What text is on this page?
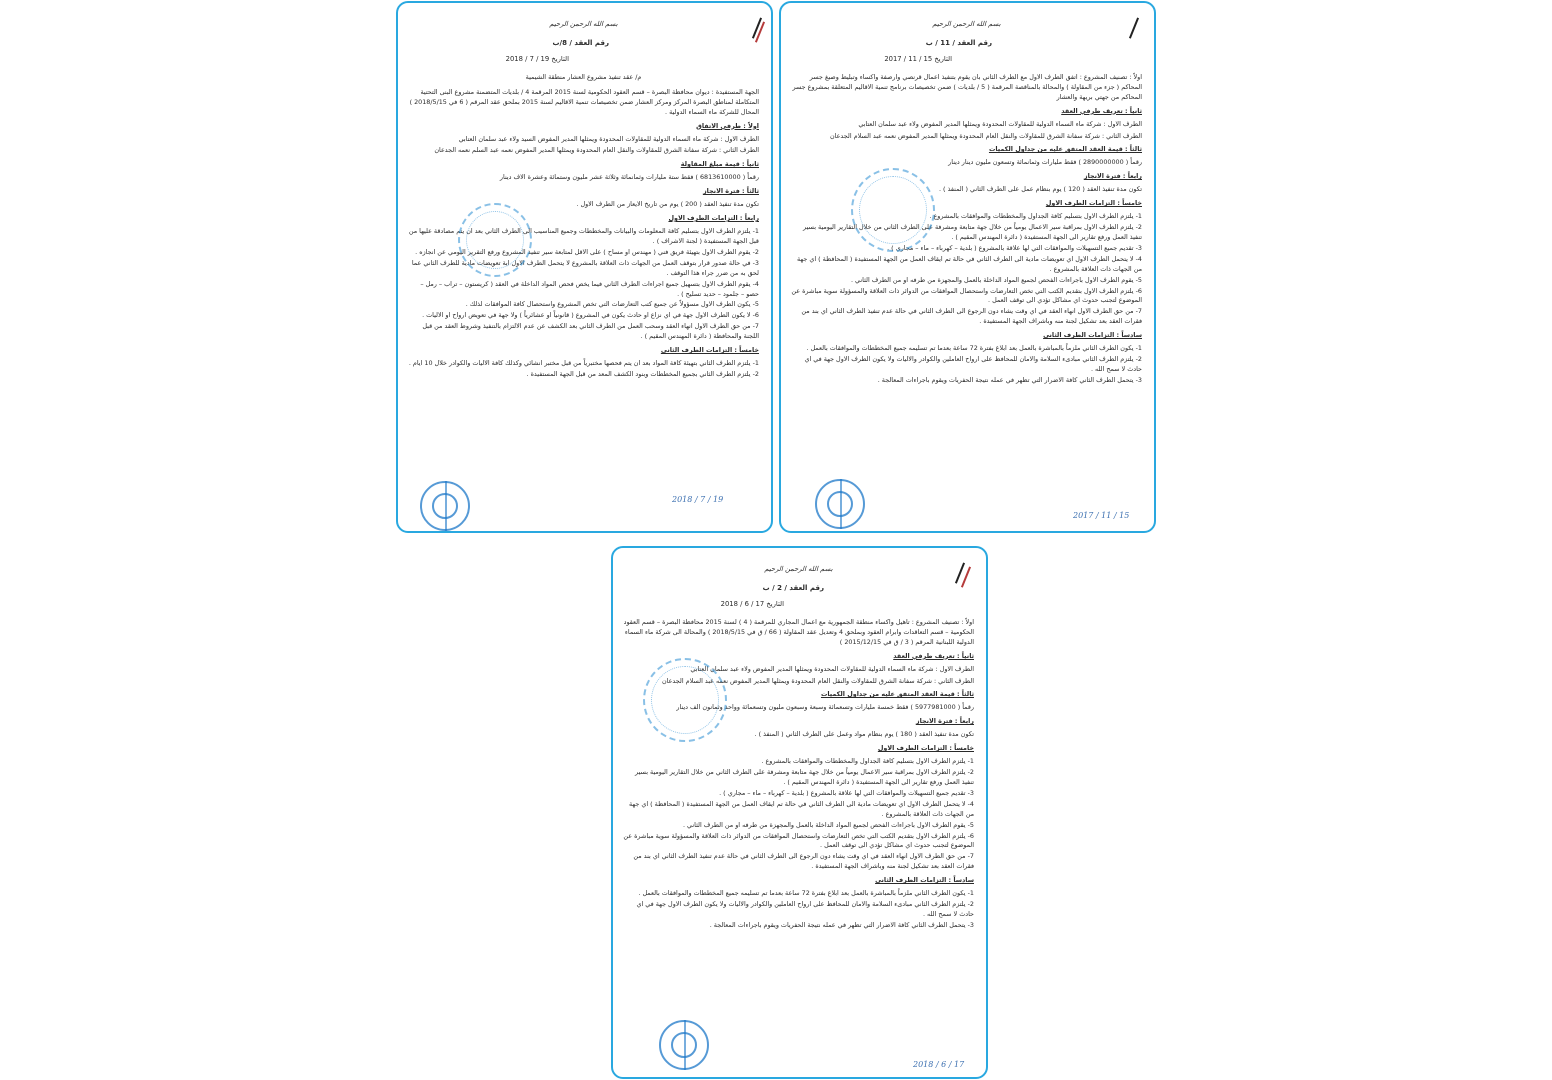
بسم الله الرحمن الرحيم
رقم العقد / 8/ب
التاريخ 19 / 7 / 2018
م/ عقد تنفيذ مشروع العشار منطقة الشيمية
الجهة المستفيدة : ديوان محافظة البصرة – قسم العقود الحكومية لسنة 2015 المرقمة 4 / بلديات المتضمنة مشروع البنى التحتية المتكاملة لمناطق البصرة المركز ومركز العشار ضمن تخصيصات تنمية الاقاليم لسنة 2015 بملحق عقد المرقم ( 6 في 2018/5/15 ) المحال للشركة ماء السماء الدولية .
اولاً : طرفي الاتفاق
الطرف الاول : شركة ماء السماء الدولية للمقاولات المحدودة ويمثلها المدير المفوض السيد ولاء عبد سلمان العتابي
الطرف الثاني : شركة سفانة الشرق للمقاولات والنقل العام المحدودة ويمثلها المدير المفوض نعمه عبد السلم نعمه الجدعان
ثانياً : قيمة مبلغ المقاولة
رقماً ( 6813610000 ) فقط ستة مليارات وثمانمائة وثلاثة عشر مليون وستمائة وعشرة الاف دينار
ثالثاً : فترة الانجاز
تكون مدة تنفيذ العقد ( 200 ) يوم من تاريخ الايعاز من الطرف الاول .
رابعاً : التزامات الطرف الاول
1- يلتزم الطرف الاول بتسليم كافة المعلومات والبيانات والمخططات وجميع المناسيب الى الطرف الثاني بعد ان يتم مصادقة عليها من قبل الجهة المستفيدة ( لجنة الاشراف ) .
2- يقوم الطرف الاول بتهيئة فريق فني ( مهندس او مساح ) على الاقل لمتابعة سير تنفيذ المشروع ورفع التقرير اليومي عن انجازه .
3- في حالة صدور قرار بتوقف العمل من الجهات ذات العلاقة بالمشروع لا يتحمل الطرف الاول اية تعويضات مادية للطرف الثاني عما لحق به من ضرر جراء هذا التوقف .
4- يقوم الطرف الاول بتسهيل جميع اجراءات الطرف الثاني فيما يخص فحص المواد الداخلة في العقد ( كريستون – تراب – رمل – حصو – جلمود – حديد تسليح ) .
5- يكون الطرف الاول مسؤولاً عن جميع كتب التعارضات التي تخص المشروع واستحصال كافة الموافقات لذلك .
6- لا يكون الطرف الاول جهة في اي نزاع او حادث يكون في المشروع ( قانونياً او عشائرياً ) ولا جهة في تعويض ارواح او الاليات .
7- من حق الطرف الاول انهاء العقد وسحب العمل من الطرف الثاني بعد الكشف عن عدم الالتزام بالتنفيذ وشروط العقد من قبل اللجنة والمحافظة ( دائرة المهندس المقيم ) .
خامساً : التزامات الطرف الثاني
1- يلتزم الطرف الثاني بتهيئة كافة المواد بعد ان يتم فحصها مختبرياً من قبل مختبر انشائي وكذلك كافة الاليات والكوادر خلال 10 ايام .
2- يلتزم الطرف الثاني بجميع المخططات وبنود الكشف المعد من قبل الجهة المستفيدة .
2018 / 7 / 19
بسم الله الرحمن الرحيم
رقم العقد / 11 / ب
التاريخ 15 / 11 / 2017
اولاً : تصنيف المشروع : اتفق الطرف الاول مع الطرف الثاني بان يقوم بتنفيذ اعمال قرنصي وارصفة واكساء وتبليط وصبغ جسر المحاكم ( جزء من المقاولة ) والمحالة بالمناقصة المرقمة ( 5 / بلديات ) ضمن تخصيصات برنامج تنمية الاقاليم المتعلقة بمشروع جسر المحاكم من جهتي بريهة والعشار
ثانياً : تعريف طرفي العقد
الطرف الاول : شركة ماء السماء الدولية للمقاولات المحدودة ويمثلها المدير المفوض ولاء عبد سلمان العتابي
الطرف الثاني : شركة سفانة الشرق للمقاولات والنقل العام المحدودة ويمثلها المدير المفوض نعمه عبد السلام الجدعان
ثالثاً : قيمة العقد المتفق عليه من جداول الكميات
رقماً ( 2890000000 ) فقط مليارات وثمانمائة وتسعون مليون دينار دينار
رابعاً : فترة الانجاز
تكون مدة تنفيذ العقد ( 120 ) يوم بنظام عمل على الطرف الثاني ( المنفذ ) .
خامساً : التزامات الطرف الاول
1- يلتزم الطرف الاول بتسليم كافة الجداول والمخططات والموافقات بالمشروع .
2- يلتزم الطرف الاول بمراقبة سير الاعمال يومياً من خلال جهة متابعة ومشرفة على الطرف الثاني من خلال التقارير اليومية بسير تنفيذ العمل ورفع تقارير الى الجهة المستفيدة ( دائرة المهندس المقيم ) .
3- تقديم جميع التسهيلات والموافقات التي لها علاقة بالمشروع ( بلدية – كهرباء – ماء – مجاري ) .
4- لا يتحمل الطرف الاول اي تعويضات مادية الى الطرف الثاني في حالة تم ايقاف العمل من الجهة المستفيدة ( المحافظة ) اي جهة من الجهات ذات العلاقة بالمشروع .
5- يقوم الطرف الاول باجراءات الفحص لجميع المواد الداخلة بالعمل والمجهزة من طرفه او من الطرف الثاني .
6- يلتزم الطرف الاول بتقديم الكتب التي تخص التعارضات واستحصال الموافقات من الدوائر ذات العلاقة والمسؤولة سوية مباشرة عن الموضوع لتجنب حدوث اي مشاكل تؤدي الى توقف العمل .
7- من حق الطرف الاول انهاء العقد في اي وقت يشاء دون الرجوع الى الطرف الثاني في حالة عدم تنفيذ الطرف الثاني اي بند من فقرات العقد بعد تشكيل لجنة منه وباشراف الجهة المستفيدة .
سادساً : التزامات الطرف الثاني
1- يكون الطرف الثاني ملزماً بالمباشرة بالعمل بعد ابلاغ بفترة 72 ساعة بعدما تم تسليمه جميع المخططات والموافقات بالعمل .
2- يلتزم الطرف الثاني مبادىء السلامة والامان للمحافظ على ارواح العاملين والكوادر والاليات ولا يكون الطرف الاول جهة في اي حادث لا سمح الله .
3- يتحمل الطرف الثاني كافة الاضرار التي تظهر في عمله نتيجة الحفريات ويقوم باجراءات المعالجة .
2017 / 11 / 15
بسم الله الرحمن الرحيم
رقم العقد / 2 / ب
التاريخ 17 / 6 / 2018
اولاً : تصنيف المشروع : تاهيل واكساء منطقة الجمهورية مع اعمال المجاري للمرقمة ( 4 ) لسنة 2015 محافظة البصرة – قسم العقود الحكومية – قسم التعاقدات وابرام العقود وبملحق 4 وتعديل عقد المقاولة ( 66 / ق في 2018/5/15 ) والمحالة الى شركة ماء السماء الدولية اللبنانية المرقم ( 3 / ق في 2015/12/15 )
ثانياً : تعريف طرفي العقد
الطرف الاول : شركة ماء السماء الدولية للمقاولات المحدودة ويمثلها المدير المفوض ولاء عبد سلمان العتابي
الطرف الثاني : شركة سفانة الشرق للمقاولات والنقل العام المحدودة ويمثلها المدير المفوض نعمه عبد السلام الجدعان
ثالثاً : قيمة العقد المتفق عليه من جداول الكميات
رقماً ( 5977981000 ) فقط خمسة مليارات وتسعمائة وسبعة وسبعون مليون وتسعمائة وواحد وثمانون الف دينار
رابعاً : فترة الانجاز
تكون مدة تنفيذ العقد ( 180 ) يوم بنظام مواد وعمل على الطرف الثاني ( المنفذ ) .
خامساً : التزامات الطرف الاول
1- يلتزم الطرف الاول بتسليم كافة الجداول والمخططات والموافقات بالمشروع .
2- يلتزم الطرف الاول بمراقبة سير الاعمال يومياً من خلال جهة متابعة ومشرفة على الطرف الثاني من خلال التقارير اليومية بسير تنفيذ العمل ورفع تقارير الى الجهة المستفيدة ( دائرة المهندس المقيم ) .
3- تقديم جميع التسهيلات والموافقات التي لها علاقة بالمشروع ( بلدية – كهرباء – ماء – مجاري ) .
4- لا يتحمل الطرف الاول اي تعويضات مادية الى الطرف الثاني في حالة تم ايقاف العمل من الجهة المستفيدة ( المحافظة ) اي جهة من الجهات ذات العلاقة بالمشروع .
5- يقوم الطرف الاول باجراءات الفحص لجميع المواد الداخلة بالعمل والمجهزة من طرفه او من الطرف الثاني .
6- يلتزم الطرف الاول بتقديم الكتب التي تخص التعارضات واستحصال الموافقات من الدوائر ذات العلاقة والمسؤولة سوية مباشرة عن الموضوع لتجنب حدوث اي مشاكل تؤدي الى توقف العمل .
7- من حق الطرف الاول انهاء العقد في اي وقت يشاء دون الرجوع الى الطرف الثاني في حالة عدم تنفيذ الطرف الثاني اي بند من فقرات العقد بعد تشكيل لجنة منه وباشراف الجهة المستفيدة .
سادساً : التزامات الطرف الثاني
1- يكون الطرف الثاني ملزماً بالمباشرة بالعمل بعد ابلاغ بفترة 72 ساعة بعدما تم تسليمه جميع المخططات والموافقات بالعمل .
2- يلتزم الطرف الثاني مبادىء السلامة والامان للمحافظ على ارواح العاملين والكوادر والاليات ولا يكون الطرف الاول جهة في اي حادث لا سمح الله .
3- يتحمل الطرف الثاني كافة الاضرار التي تظهر في عمله نتيجة الحفريات ويقوم باجراءات المعالجة .
2018 / 6 / 17
